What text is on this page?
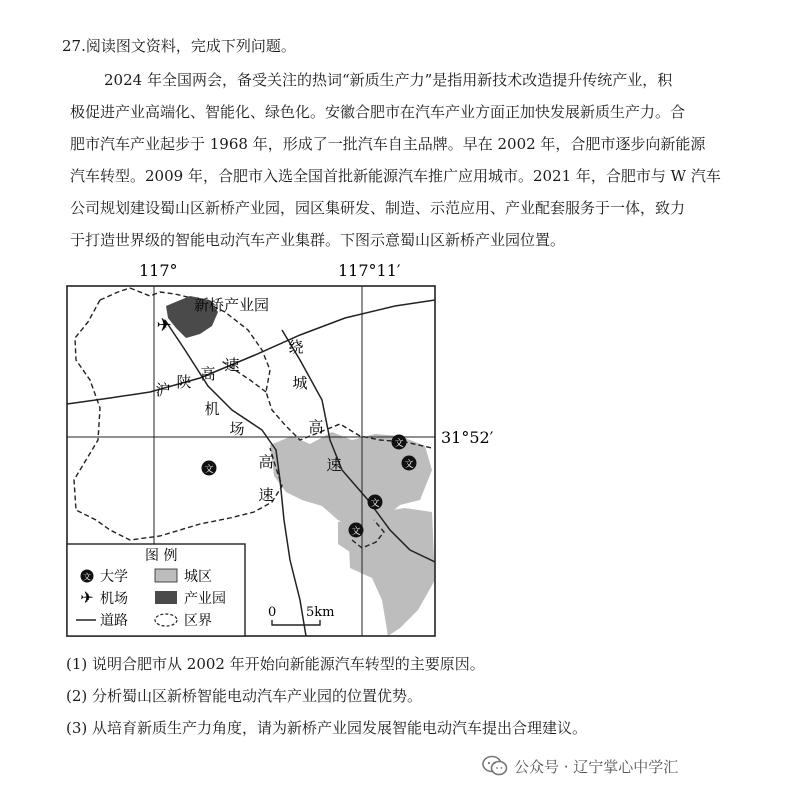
27.阅读图文资料，完成下列问题。
2024 年全国两会，备受关注的热词“新质生产力”是指用新技术改造提升传统产业，积
极促进产业高端化、智能化、绿色化。安徽合肥市在汽车产业方面正加快发展新质生产力。合
肥市汽车产业起步于 1968 年，形成了一批汽车自主品牌。早在 2002 年，合肥市逐步向新能源
汽车转型。2009 年，合肥市入选全国首批新能源汽车推广应用城市。2021 年，合肥市与 W 汽车
公司规划建设蜀山区新桥产业园，园区集研发、制造、示范应用、产业配套服务于一体，致力
于打造世界级的智能电动汽车产业集群。下图示意蜀山区新桥产业园位置。
117°	117°11′
31°52′
✈
新桥产业园
沪 陕 高 速
机
场
高
速
绕
城
高
速
文
文
文
文
文
图 例
文 大学	城区
✈ 机场	产业园
道路	区界
0 5km
(1) 说明合肥市从 2002 年开始向新能源汽车转型的主要原因。
(2) 分析蜀山区新桥智能电动汽车产业园的位置优势。
(3) 从培育新质生产力角度，请为新桥产业园发展智能电动汽车提出合理建议。
公众号 · 辽宁掌心中学汇
